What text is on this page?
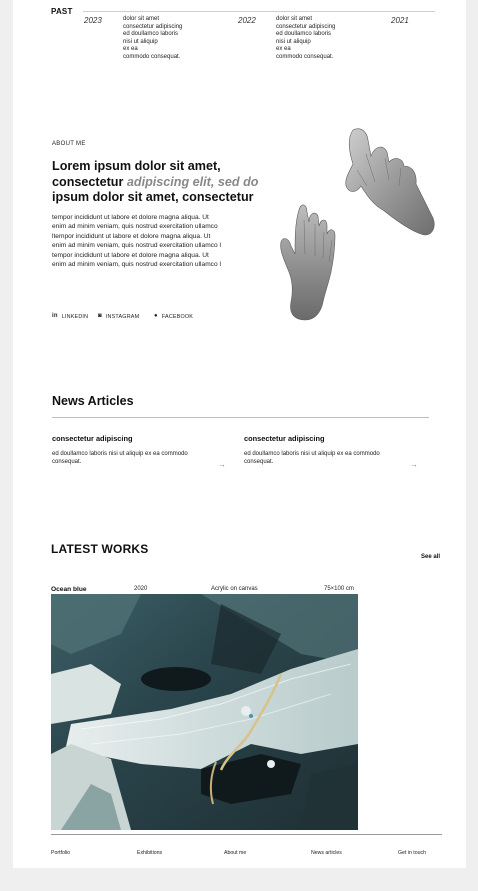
PAST
2023	dolor sit amet
consectetur adipiscing
ed doullamco laboris
nisi ut aliquip
ex ea
commodo consequat.
2022	dolor sit amet
consectetur adipiscing
ed doullamco laboris
nisi ut aliquip
ex ea
commodo consequat.
2021
ABOUT ME
Lorem ipsum dolor sit amet, consectetur adipiscing elit, sed do ipsum dolor sit amet, consectetur
tempor incididunt ut labore et dolore magna aliqua. Ut
enim ad minim veniam, quis nostrud exercitation ullamco
ltempor incididunt ut labore et dolore magna aliqua. Ut
enim ad minim veniam, quis nostrud exercitation ullamco l
tempor incididunt ut labore et dolore magna aliqua. Ut
enim ad minim veniam, quis nostrud exercitation ullamco l
in LINKEDIN ◙ INSTAGRAM ● FACEBOOK
News Articles
consectetur adipiscing
ed doullamco laboris nisi ut aliquip ex ea commodo consequat.	→
consectetur adipiscing
ed doullamco laboris nisi ut aliquip ex ea commodo consequat.	→
LATEST WORKS
See all
Ocean blue	2020	Acrylic on canvas	75×100 cm
Portfolio	Exhibitions	About me	News articles	Get in touch
